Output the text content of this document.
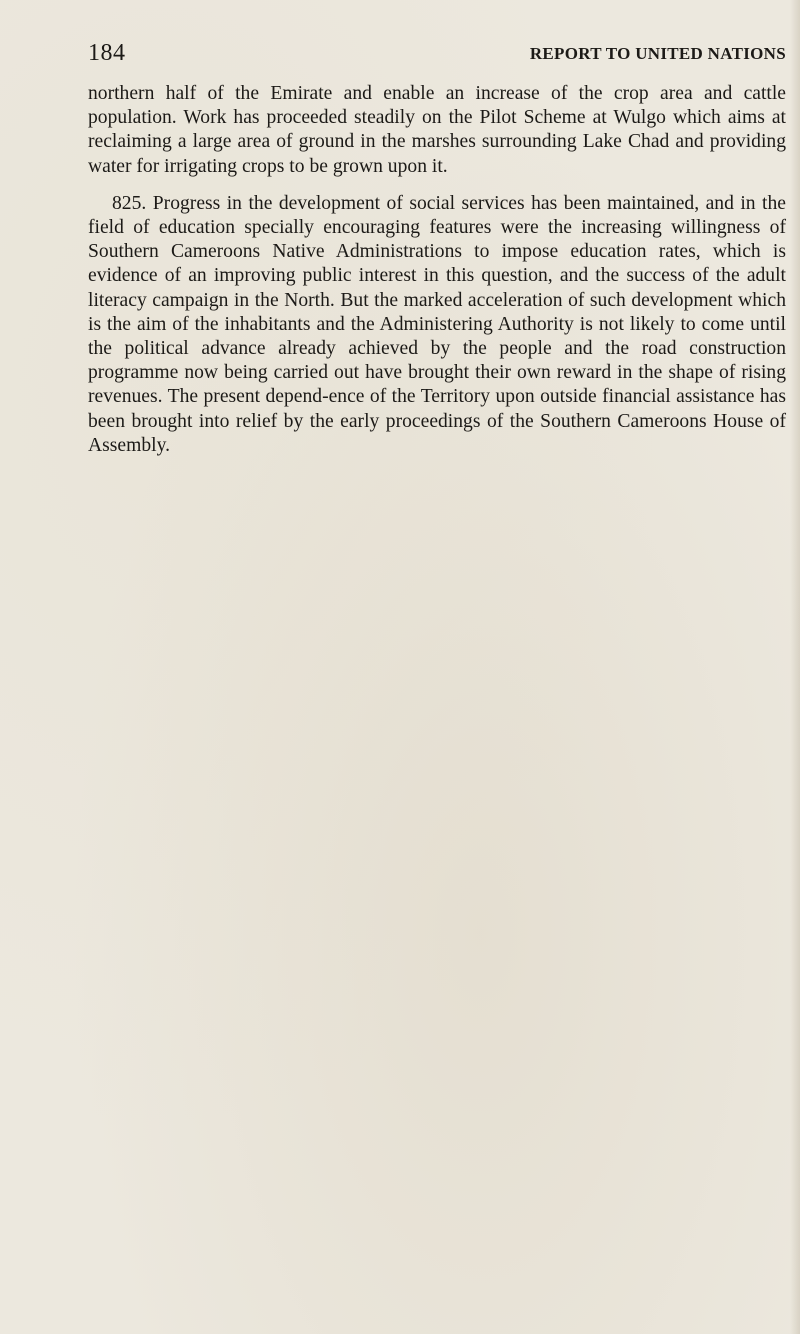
184	REPORT TO UNITED NATIONS

northern half of the Emirate and enable an increase of the crop area and cattle population. Work has proceeded steadily on the Pilot Scheme at Wulgo which aims at reclaiming a large area of ground in the marshes surrounding Lake Chad and providing water for irrigating crops to be grown upon it.

825. Progress in the development of social services has been maintained, and in the field of education specially encouraging features were the increasing willingness of Southern Cameroons Native Administrations to impose education rates, which is evidence of an improving public interest in this question, and the success of the adult literacy campaign in the North. But the marked acceleration of such development which is the aim of the inhabitants and the Administering Authority is not likely to come until the political advance already achieved by the people and the road construction programme now being carried out have brought their own reward in the shape of rising revenues. The present depend-ence of the Territory upon outside financial assistance has been brought into relief by the early proceedings of the Southern Cameroons House of Assembly.
